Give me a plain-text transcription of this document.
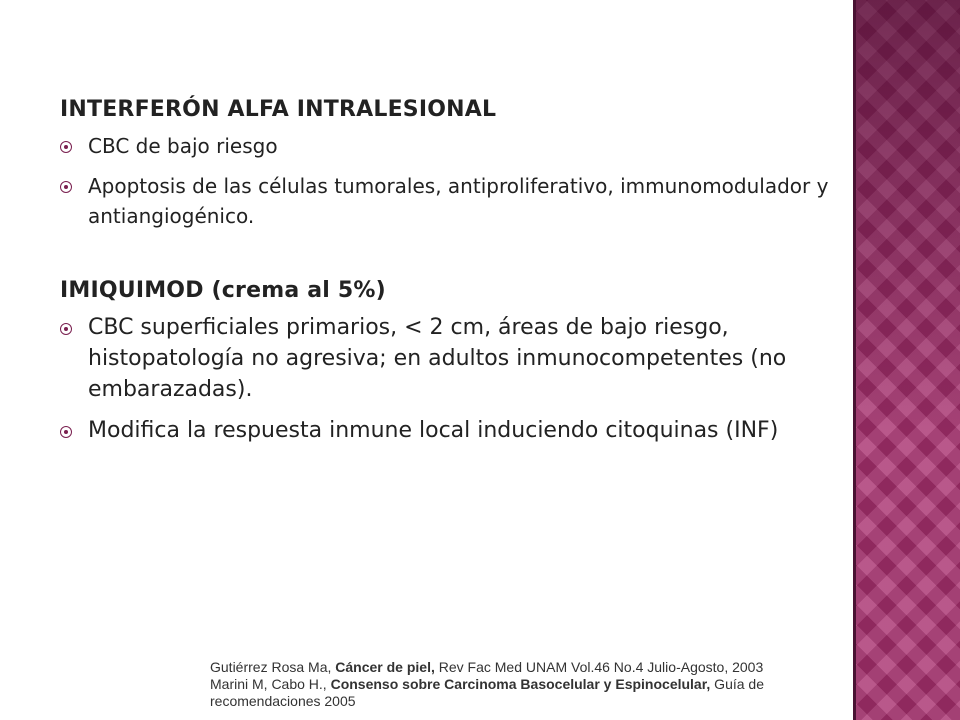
INTERFERÓN ALFA INTRALESIONAL
CBC de bajo riesgo
Apoptosis de las células tumorales, antiproliferativo, immunomodulador y antiangiogénico.
IMIQUIMOD (crema al 5%)
CBC superficiales primarios, < 2 cm, áreas de bajo riesgo, histopatología no agresiva; en adultos inmunocompetentes (no embarazadas).
Modifica la respuesta inmune local induciendo citoquinas (INF)
Gutiérrez Rosa Ma, Cáncer de piel, Rev Fac Med UNAM Vol.46 No.4 Julio-Agosto, 2003
Marini M, Cabo H., Consenso sobre Carcinoma Basocelular y Espinocelular, Guía de recomendaciones 2005
